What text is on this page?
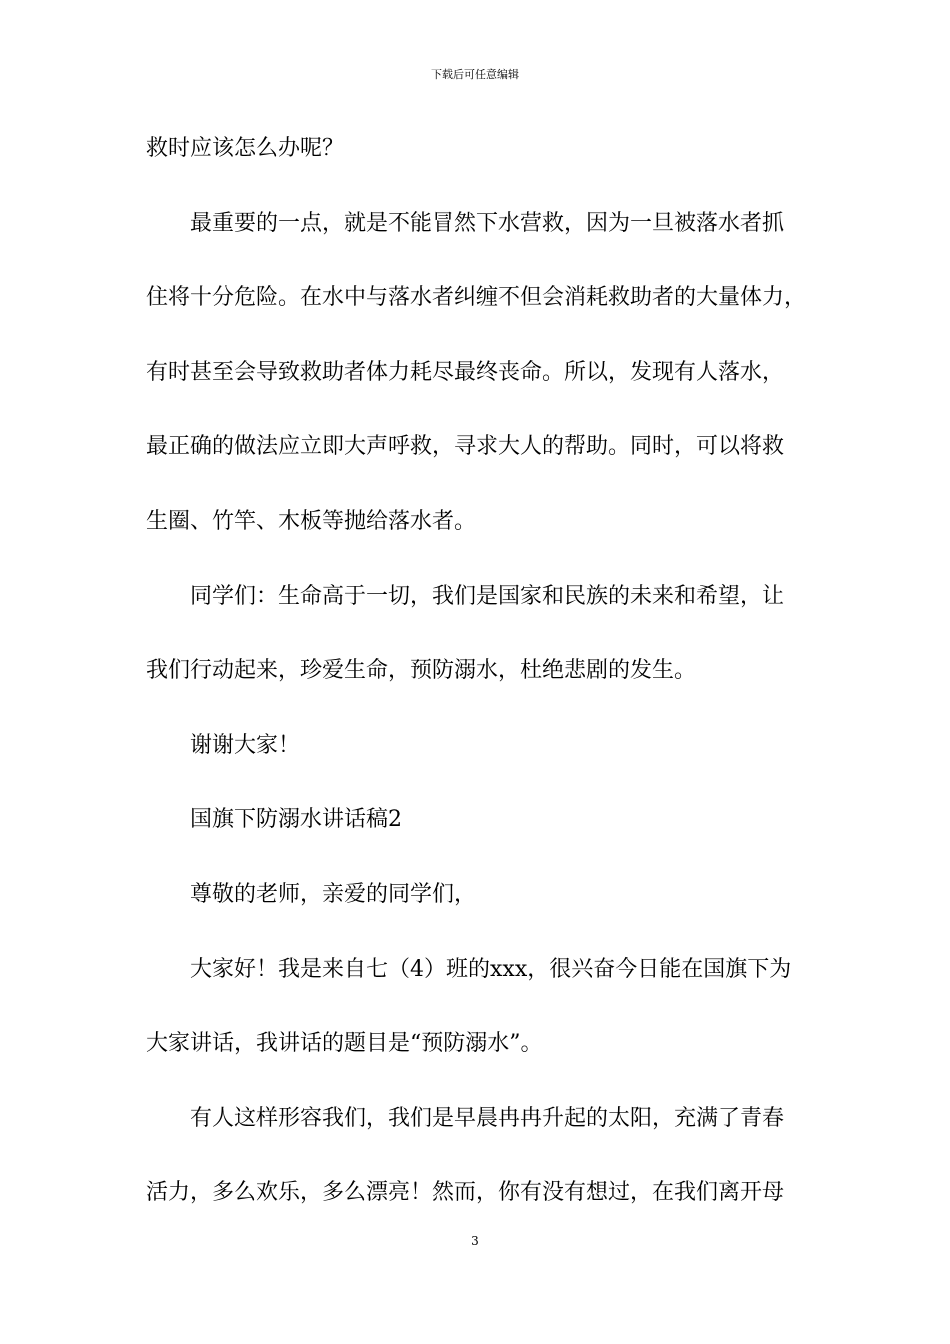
下载后可任意编辑
救时应该怎么办呢？
最重要的一点，就是不能冒然下水营救，因为一旦被落水者抓
住将十分危险。在水中与落水者纠缠不但会消耗救助者的大量体力，
有时甚至会导致救助者体力耗尽最终丧命。所以，发现有人落水，
最正确的做法应立即大声呼救，寻求大人的帮助。同时，可以将救
生圈、竹竿、木板等抛给落水者。
同学们：生命高于一切，我们是国家和民族的未来和希望，让
我们行动起来，珍爱生命，预防溺水，杜绝悲剧的发生。
谢谢大家！
国旗下防溺水讲话稿2
尊敬的老师，亲爱的同学们，
大家好！我是来自七（4）班的xxx，很兴奋今日能在国旗下为
大家讲话，我讲话的题目是“预防溺水”。
有人这样形容我们，我们是早晨冉冉升起的太阳，充满了青春
活力，多么欢乐，多么漂亮！然而，你有没有想过，在我们离开母
3
